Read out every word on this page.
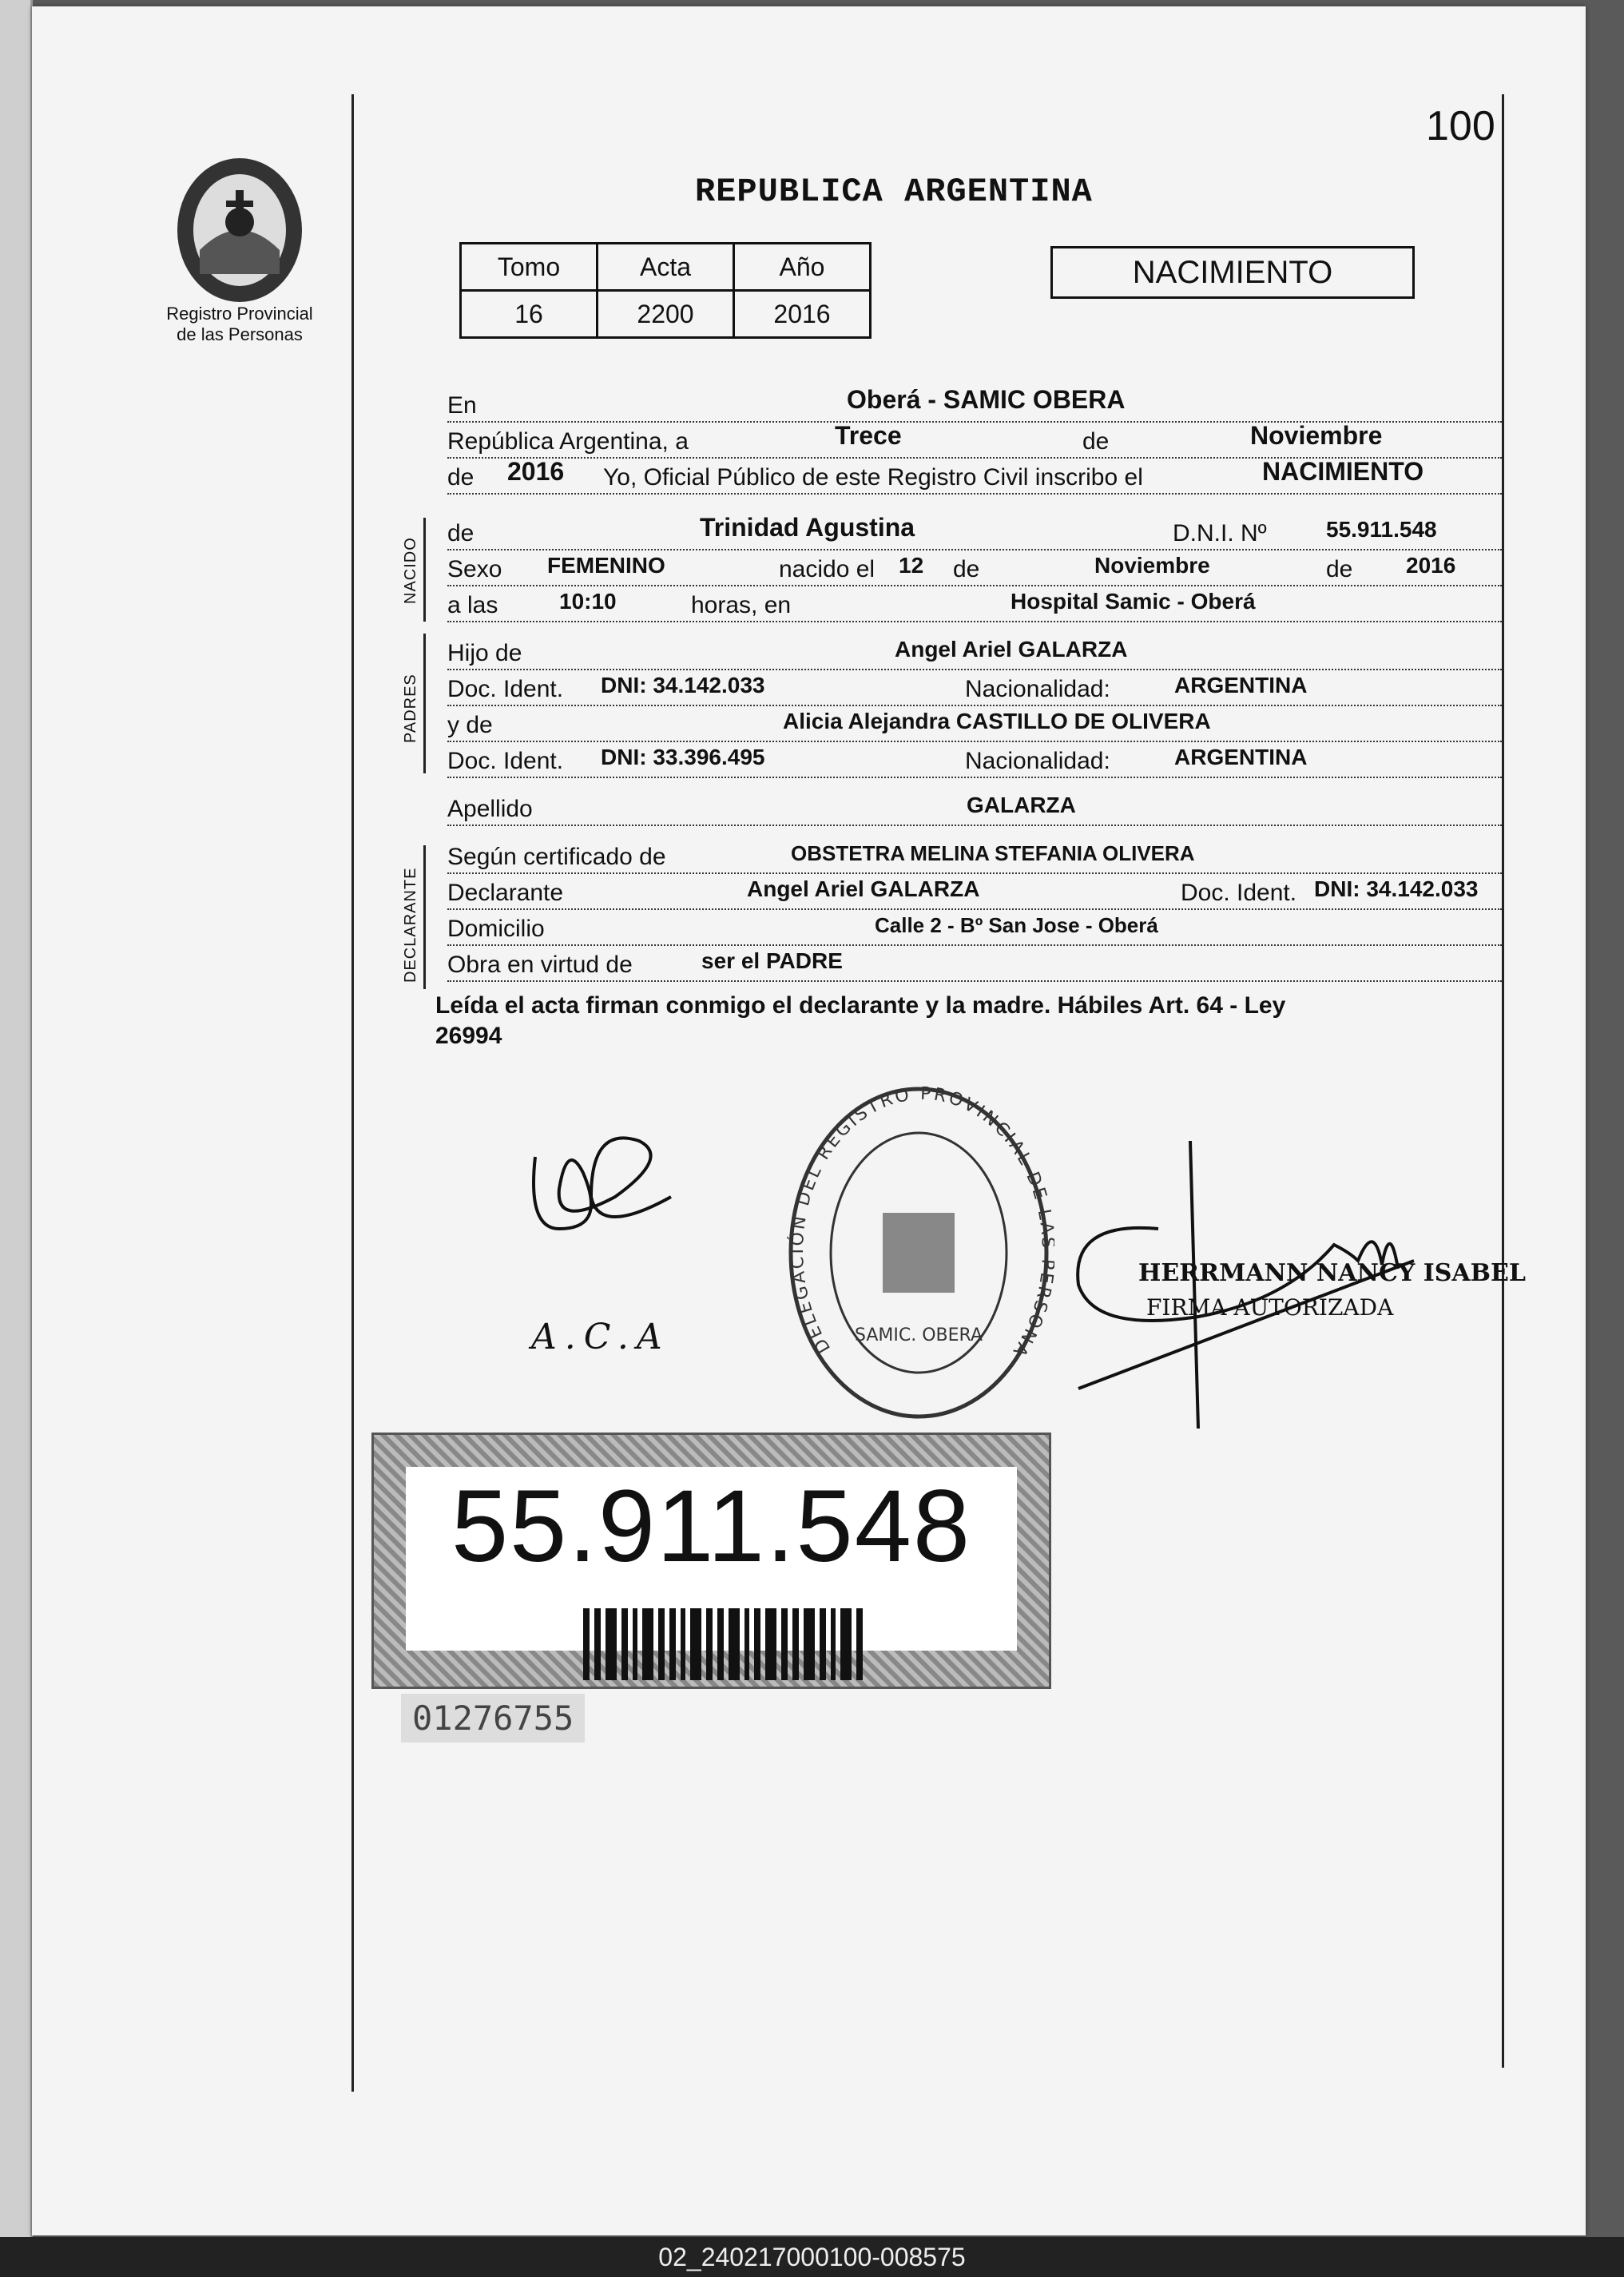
100
Registro Provincial
de las Personas
REPUBLICA ARGENTINA
Tomo	Acta	Año
16	2200	2016
NACIMIENTO
En	Oberá - SAMIC OBERA
República Argentina, a	Trece	de	Noviembre
de 2016 Yo, Oficial Público de este Registro Civil inscribo el	NACIMIENTO
NACIDO
de	Trinidad Agustina	D.N.I. Nº	55.911.548
Sexo FEMENINO	nacido el 12 de	Noviembre	de 2016
a las	10:10	horas, en	Hospital Samic - Oberá
PADRES
Hijo de	Angel Ariel GALARZA
Doc. Ident. DNI: 34.142.033	Nacionalidad:	ARGENTINA
y de	Alicia Alejandra CASTILLO DE OLIVERA
Doc. Ident. DNI: 33.396.495	Nacionalidad:	ARGENTINA
Apellido	GALARZA
DECLARANTE
Según certificado de	OBSTETRA MELINA STEFANIA OLIVERA
Declarante	Angel Ariel GALARZA	Doc. Ident. DNI: 34.142.033
Domicilio	Calle 2 - Bº San Jose - Oberá
Obra en virtud de	ser el PADRE
Leída el acta firman conmigo el declarante y la madre. Hábiles Art. 64 - Ley
26994
A.C.A	DELEGACIÓN DEL REGISTRO PROVINCIAL DE L ERSONA
SAMIC. OBERA
HERRMANN NANCY ISABEL
FIRMA AUTORIZADA
55.911.548
01276755
02_240217000100-008575
